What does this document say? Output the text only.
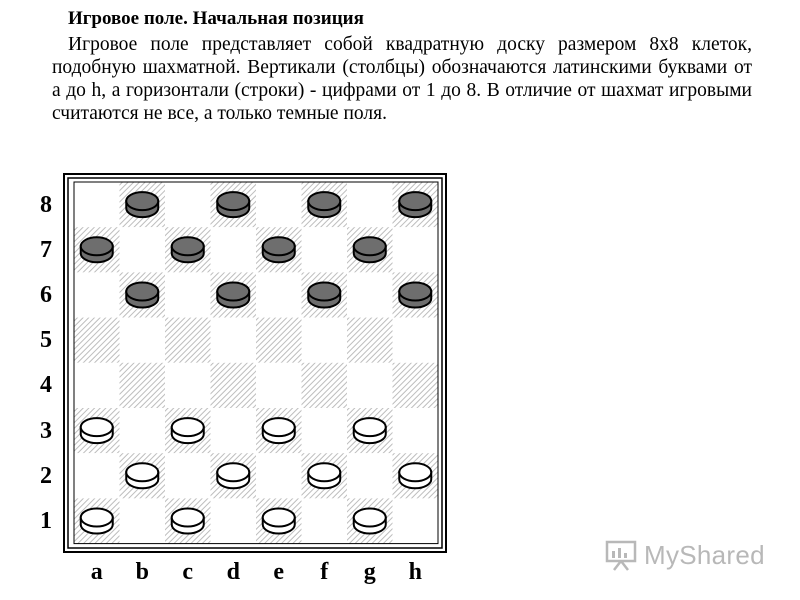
Игровое поле. Начальная позиция
Игровое поле представляет собой квадратную доску размером 8x8 клеток, подобную шахматной. Вертикали (столбцы) обозначаются латинскими буквами от a до h, а горизонтали (строки) - цифрами от 1 до 8. В отличие от шахмат игровыми считаются не все, а только темные поля.
8
7
6
5
4
3
2
1
a	b	c	d	e	f	g	h
MyShared
